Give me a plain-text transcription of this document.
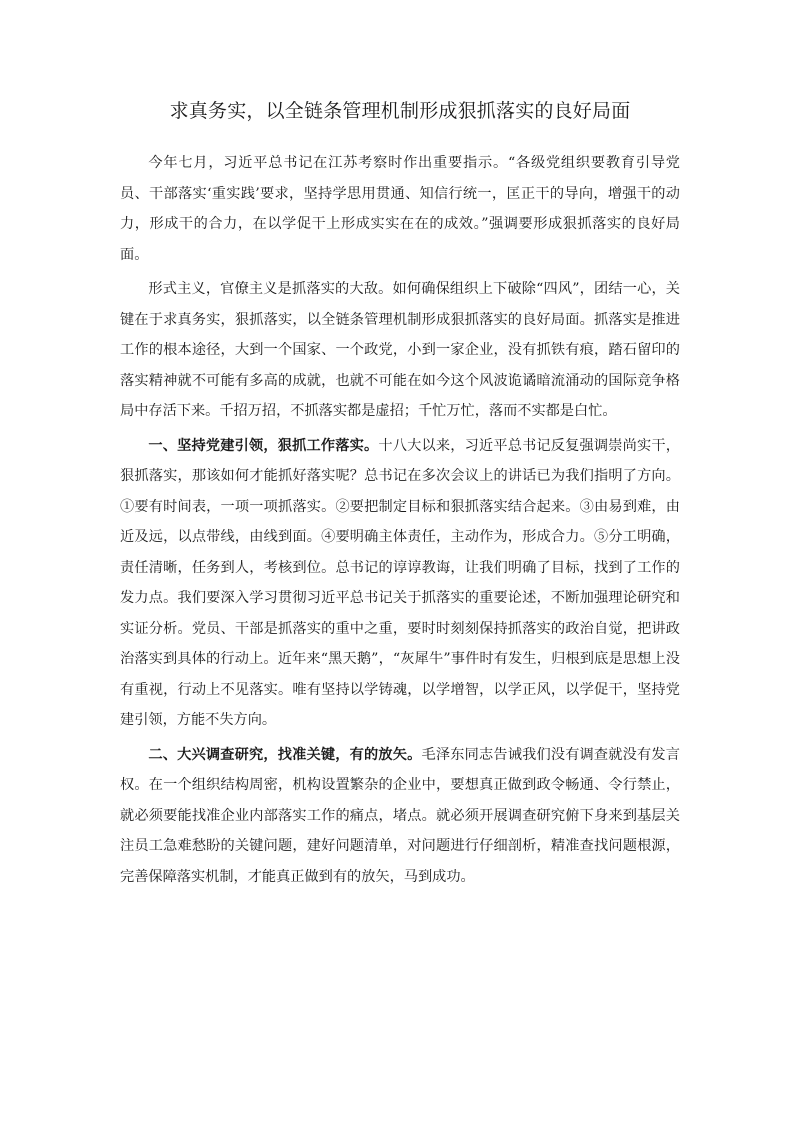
求真务实，以全链条管理机制形成狠抓落实的良好局面

今年七月，习近平总书记在江苏考察时作出重要指示。“各级党组织要教育引导党员、干部落实‘重实践’要求，坚持学思用贯通、知信行统一，匡正干的导向，增强干的动力，形成干的合力，在以学促干上形成实实在在的成效。”强调要形成狠抓落实的良好局面。

形式主义，官僚主义是抓落实的大敌。如何确保组织上下破除“四风”，团结一心，关键在于求真务实，狠抓落实，以全链条管理机制形成狠抓落实的良好局面。抓落实是推进工作的根本途径，大到一个国家、一个政党，小到一家企业，没有抓铁有痕，踏石留印的落实精神就不可能有多高的成就，也就不可能在如今这个风波诡谲暗流涌动的国际竞争格局中存活下来。千招万招，不抓落实都是虚招；千忙万忙，落而不实都是白忙。

一、坚持党建引领，狠抓工作落实。十八大以来，习近平总书记反复强调崇尚实干，狠抓落实，那该如何才能抓好落实呢？总书记在多次会议上的讲话已为我们指明了方向。①要有时间表，一项一项抓落实。②要把制定目标和狠抓落实结合起来。③由易到难，由近及远，以点带线，由线到面。④要明确主体责任，主动作为，形成合力。⑤分工明确，责任清晰，任务到人，考核到位。总书记的谆谆教诲，让我们明确了目标，找到了工作的发力点。我们要深入学习贯彻习近平总书记关于抓落实的重要论述，不断加强理论研究和实证分析。党员、干部是抓落实的重中之重，要时时刻刻保持抓落实的政治自觉，把讲政治落实到具体的行动上。近年来“黑天鹅”，“灰犀牛”事件时有发生，归根到底是思想上没有重视，行动上不见落实。唯有坚持以学铸魂，以学增智，以学正风，以学促干，坚持党建引领，方能不失方向。

二、大兴调查研究，找准关键，有的放矢。毛泽东同志告诫我们没有调查就没有发言权。在一个组织结构周密，机构设置繁杂的企业中，要想真正做到政令畅通、令行禁止，就必须要能找准企业内部落实工作的痛点，堵点。就必须开展调查研究俯下身来到基层关注员工急难愁盼的关键问题，建好问题清单，对问题进行仔细剖析，精准查找问题根源，完善保障落实机制，才能真正做到有的放矢，马到成功。
